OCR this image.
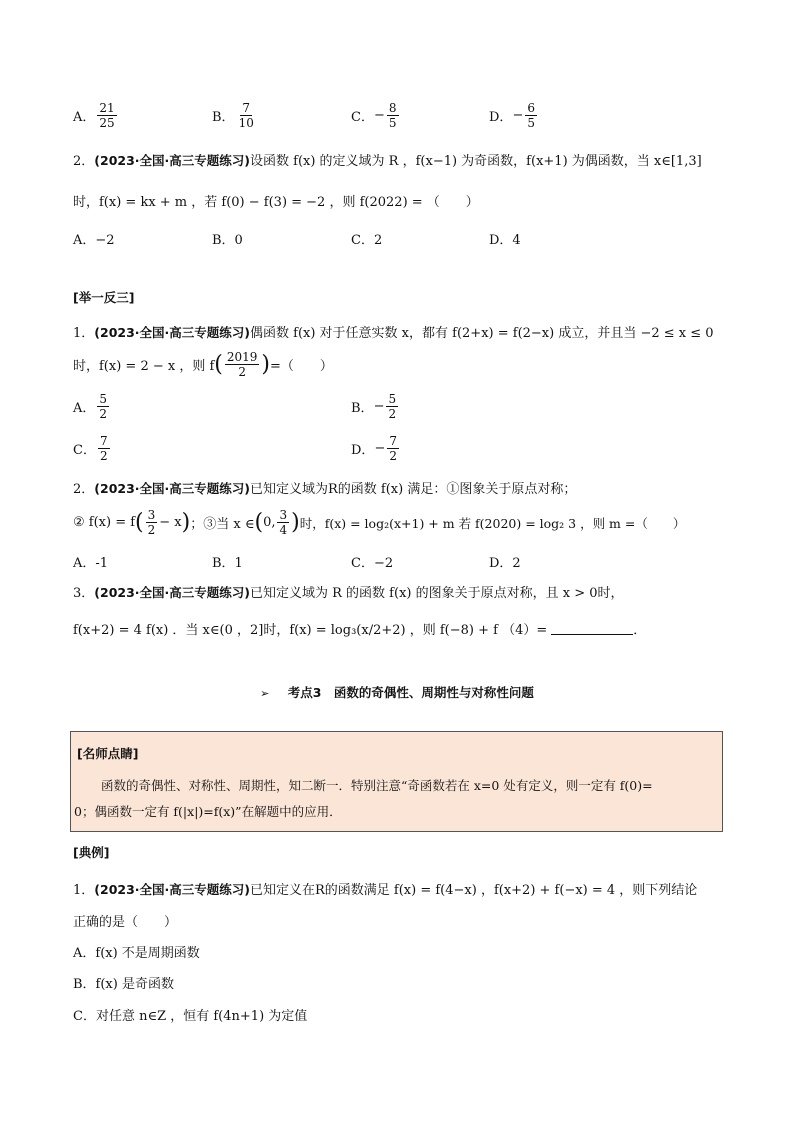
A． $\frac{21}{25}$	B． $\frac{7}{10}$	C． − $\frac{8}{5}$	D． − $\frac{6}{5}$
2． (2023·全国·高三专题练习) 设函数 f(x) 的定义域为 R ，f(x−1) 为奇函数，f(x+1) 为偶函数，当 x∈[1,3]
时，f(x) = kx + m ，若 f(0) − f(3) = −2 ，则 f(2022) = （　　）
A．−2	B．0	C．2	D．4
[举一反三]
1． (2023·全国·高三专题练习) 偶函数 f(x) 对于任意实数 x，都有 f(2+x) = f(2−x) 成立，并且当 −2 ≤ x ≤ 0
时，f(x) = 2 − x ，则 f ( $\frac{2019}{2}$ ) =（　　）
A． $\frac{5}{2}$	B． − $\frac{5}{2}$
C． $\frac{7}{2}$	D． − $\frac{7}{2}$
2． (2023·全国·高三专题练习) 已知定义域为R的函数 f(x) 满足：①图象关于原点对称；
② f(x) = f ( $\frac{3}{2} - x$ ) ；③当 x ∈ ( 0, $\frac{3}{4}$ ) 时，f(x) = log₂(x+1) + m 若 f(2020) = log₂ 3 ，则 m =（　　）
A．-1	B．1	C．−2	D．2
3． (2023·全国·高三专题练习) 已知定义域为 R 的函数 f(x) 的图象关于原点对称，且 x > 0时，
f(x+2) = 4 f(x) ．当 x∈(0 ，2]时，f(x) = log₃(x/2+2) ，则 f(−8) + f （4）=	．
➢ 考点3　函数的奇偶性、周期性与对称性问题
[名师点睛]
函数的奇偶性、对称性、周期性，知二断一．特别注意“奇函数若在 x=0 处有定义，则一定有 f(0)=
0；偶函数一定有 f(|x|)=f(x)”在解题中的应用．
[典例]
1． (2023·全国·高三专题练习) 已知定义在R的函数满足 f(x) = f(4−x) ，f(x+2) + f(−x) = 4 ，则下列结论
正确的是（　　）
A．f(x) 不是周期函数
B．f(x) 是奇函数
C．对任意 n∈Z ，恒有 f(4n+1) 为定值
